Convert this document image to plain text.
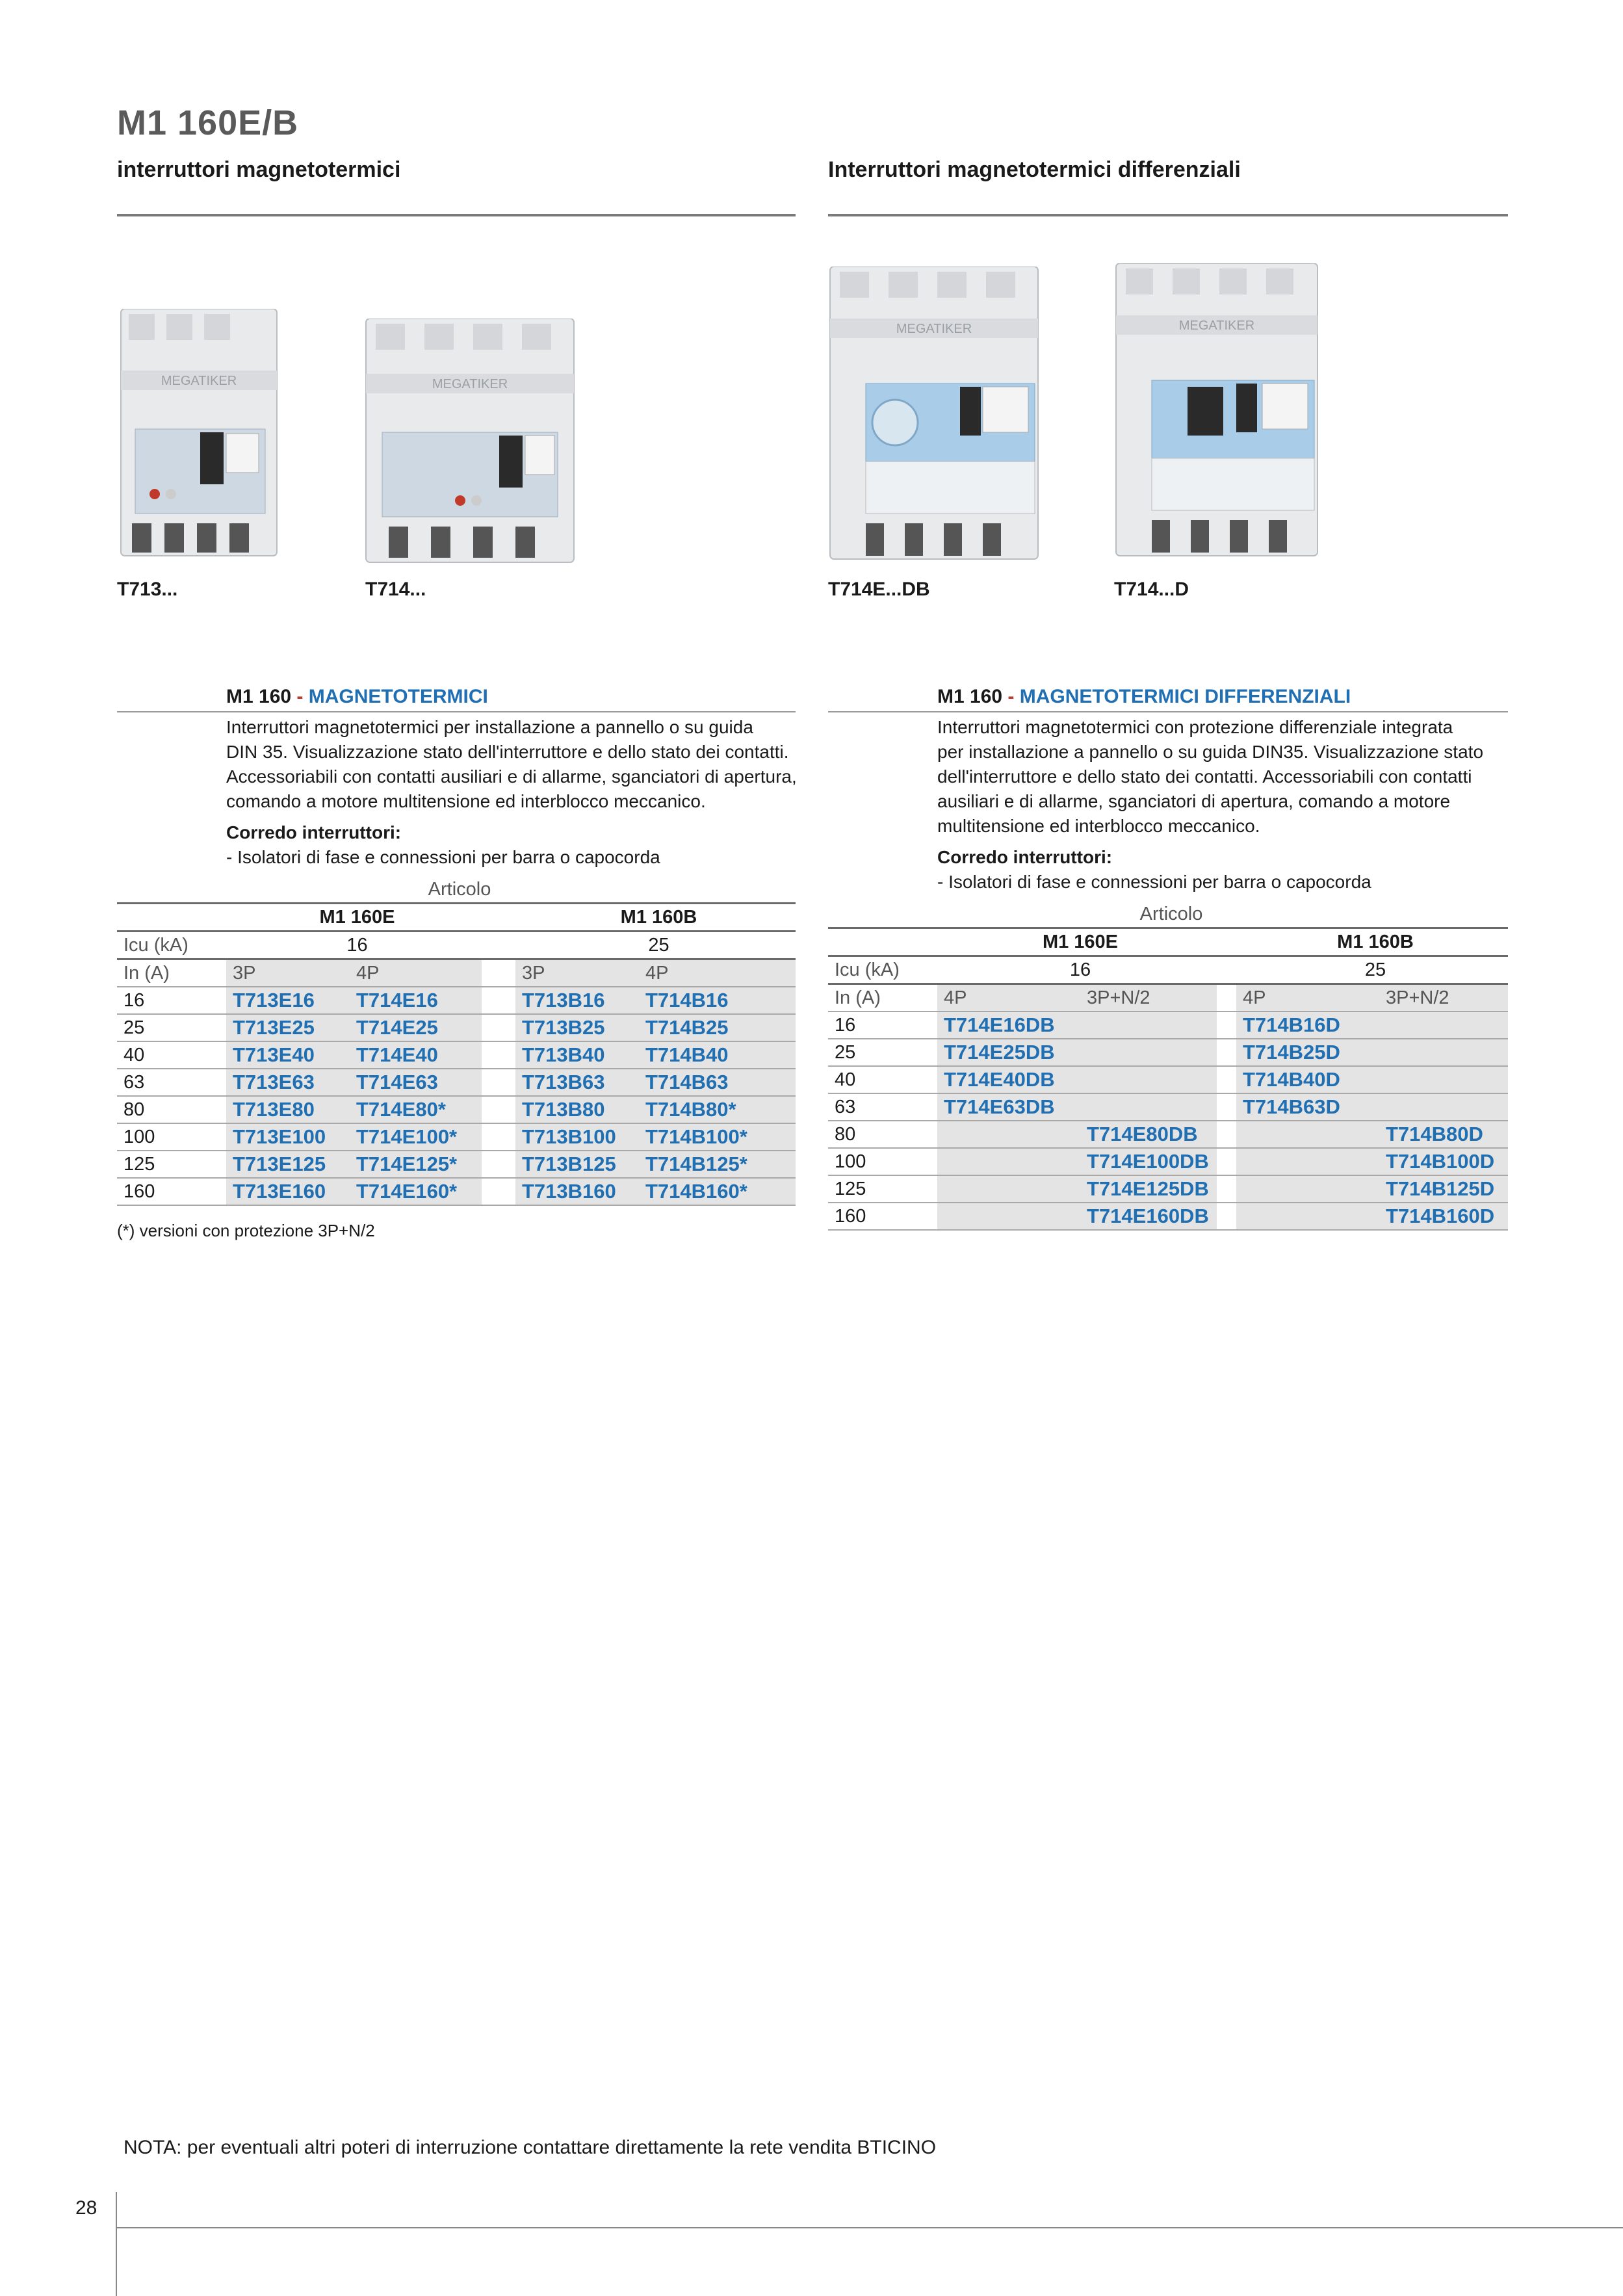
M1 160E/B
interruttori magnetotermici	Interruttori magnetotermici differenziali
MEGATIKER	MEGATIKER
MEGATIKER	MEGATIKER
T713...	T714...	T714E...DB	T714...D
M1 160 - MAGNETOTERMICI
Interruttori magnetotermici per installazione a pannello o su guida
DIN 35. Visualizzazione stato dell'interruttore e dello stato dei contatti.
Accessoriabili con contatti ausiliari e di allarme, sganciatori di apertura,
comando a motore multitensione ed interblocco meccanico.
Corredo interruttori:
- Isolatori di fase e connessioni per barra o capocorda
Articolo					
	M1 160E			M1 160B	
Icu (kA)	16			25	
In (A)	3P	4P		3P	4P
16	T713E16	T714E16		T713B16	T714B16
25	T713E25	T714E25		T713B25	T714B25
40	T713E40	T714E40		T713B40	T714B40
63	T713E63	T714E63		T713B63	T714B63
80	T713E80	T714E80*		T713B80	T714B80*
100	T713E100	T714E100*		T713B100	T714B100*
125	T713E125	T714E125*		T713B125	T714B125*
160	T713E160	T714E160*		T713B160	T714B160*
(*) versioni con protezione 3P+N/2
M1 160 - MAGNETOTERMICI DIFFERENZIALI
Interruttori magnetotermici con protezione differenziale integrata
per installazione a pannello o su guida DIN35. Visualizzazione stato
dell'interruttore e dello stato dei contatti. Accessoriabili con contatti
ausiliari e di allarme, sganciatori di apertura, comando a motore
multitensione ed interblocco meccanico.
Corredo interruttori:
- Isolatori di fase e connessioni per barra o capocorda
Articolo					
	M1 160E			M1 160B	
Icu (kA)	16			25	
In (A)	4P	3P+N/2		4P	3P+N/2
16	T714E16DB			T714B16D	
25	T714E25DB			T714B25D	
40	T714E40DB			T714B40D	
63	T714E63DB			T714B63D	
80		T714E80DB			T714B80D
100		T714E100DB			T714B100D
125		T714E125DB			T714B125D
160		T714E160DB			T714B160D
NOTA: per eventuali altri poteri di interruzione contattare direttamente la rete vendita BTICINO
28
